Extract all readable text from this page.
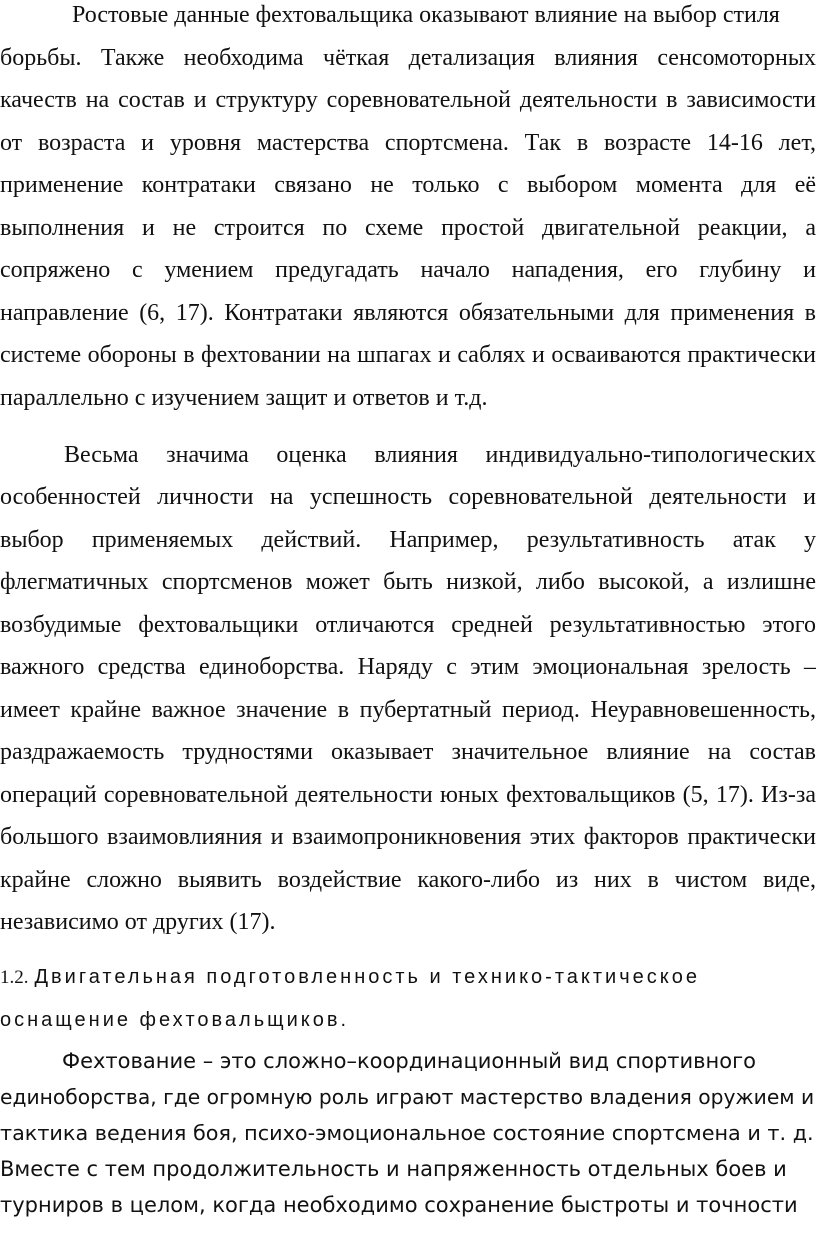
Ростовые данные фехтовальщика оказывают влияние на выбор стиля
борьбы. Также необходима чёткая детализация влияния сенсомоторных
качеств на состав и структуру соревновательной деятельности в зависимости
от возраста и уровня мастерства спортсмена. Так в возрасте 14-16 лет,
применение контратаки связано не только с выбором момента для её
выполнения и не строится по схеме простой двигательной реакции, а
сопряжено с умением предугадать начало нападения, его глубину и
направление (6, 17). Контратаки являются обязательными для применения в
системе обороны в фехтовании на шпагах и саблях и осваиваются практически
параллельно с изучением защит и ответов и т.д.
Весьма значима оценка влияния индивидуально-типологических
особенностей личности на успешность соревновательной деятельности и
выбор применяемых действий. Например, результативность атак у
флегматичных спортсменов может быть низкой, либо высокой, а излишне
возбудимые фехтовальщики отличаются средней результативностью этого
важного средства единоборства. Наряду с этим эмоциональная зрелость –
имеет крайне важное значение в пубертатный период. Неуравновешенность,
раздражаемость трудностями оказывает значительное влияние на состав
операций соревновательной деятельности юных фехтовальщиков (5, 17). Из-за
большого взаимовлияния и взаимопроникновения этих факторов практически
крайне сложно выявить воздействие какого-либо из них в чистом виде,
независимо от других (17).
1.2. Двигательная подготовленность и технико-тактическое
оснащение фехтовальщиков.
Фехтование – это сложно–координационный вид спортивного
единоборства, где огромную роль играют мастерство владения оружием и
тактика ведения боя, психо-эмоциональное состояние спортсмена и т. д.
Вместе с тем продолжительность и напряженность отдельных боев и
турниров в целом, когда необходимо сохранение быстроты и точности
